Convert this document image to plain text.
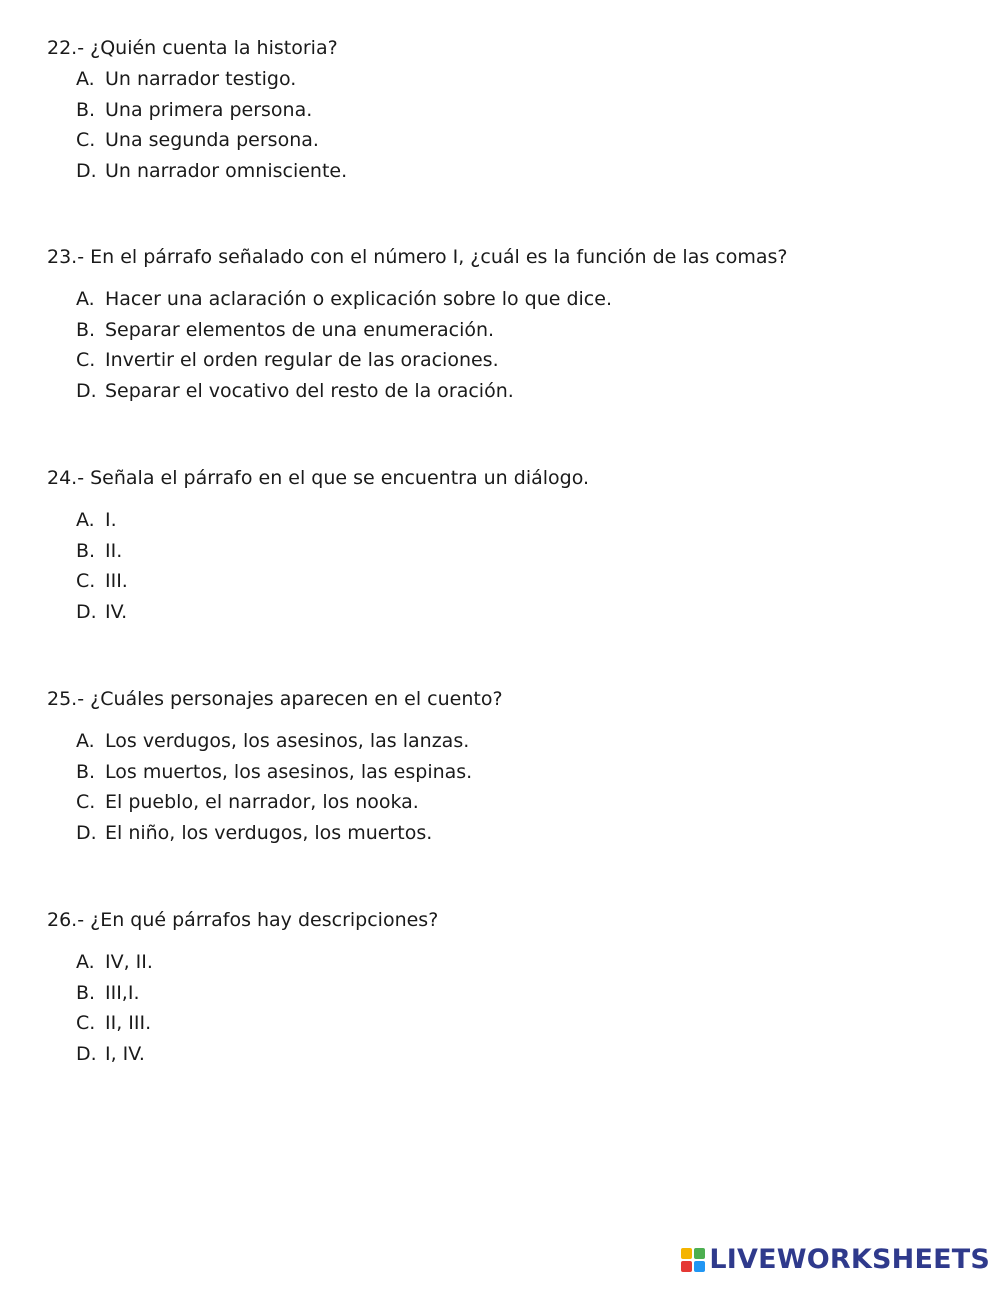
22.- ¿Quién cuenta la historia?

A. Un narrador testigo.
B. Una primera persona.
C. Una segunda persona.
D. Un narrador omnisciente.

23.- En el párrafo señalado con el número I, ¿cuál es la función de las comas?

A. Hacer una aclaración o explicación sobre lo que dice.
B. Separar elementos de una enumeración.
C. Invertir el orden regular de las oraciones.
D. Separar el vocativo del resto de la oración.

24.- Señala el párrafo en el que se encuentra un diálogo.

A. I.
B. II.
C. III.
D. IV.

25.- ¿Cuáles personajes aparecen en el cuento?

A. Los verdugos, los asesinos, las lanzas.
B. Los muertos, los asesinos, las espinas.
C. El pueblo, el narrador, los nooka.
D. El niño, los verdugos, los muertos.

26.- ¿En qué párrafos hay descripciones?

A. IV, II.
B. III,I.
C. II, III.
D. I, IV.
LIVEWORKSHEETS
